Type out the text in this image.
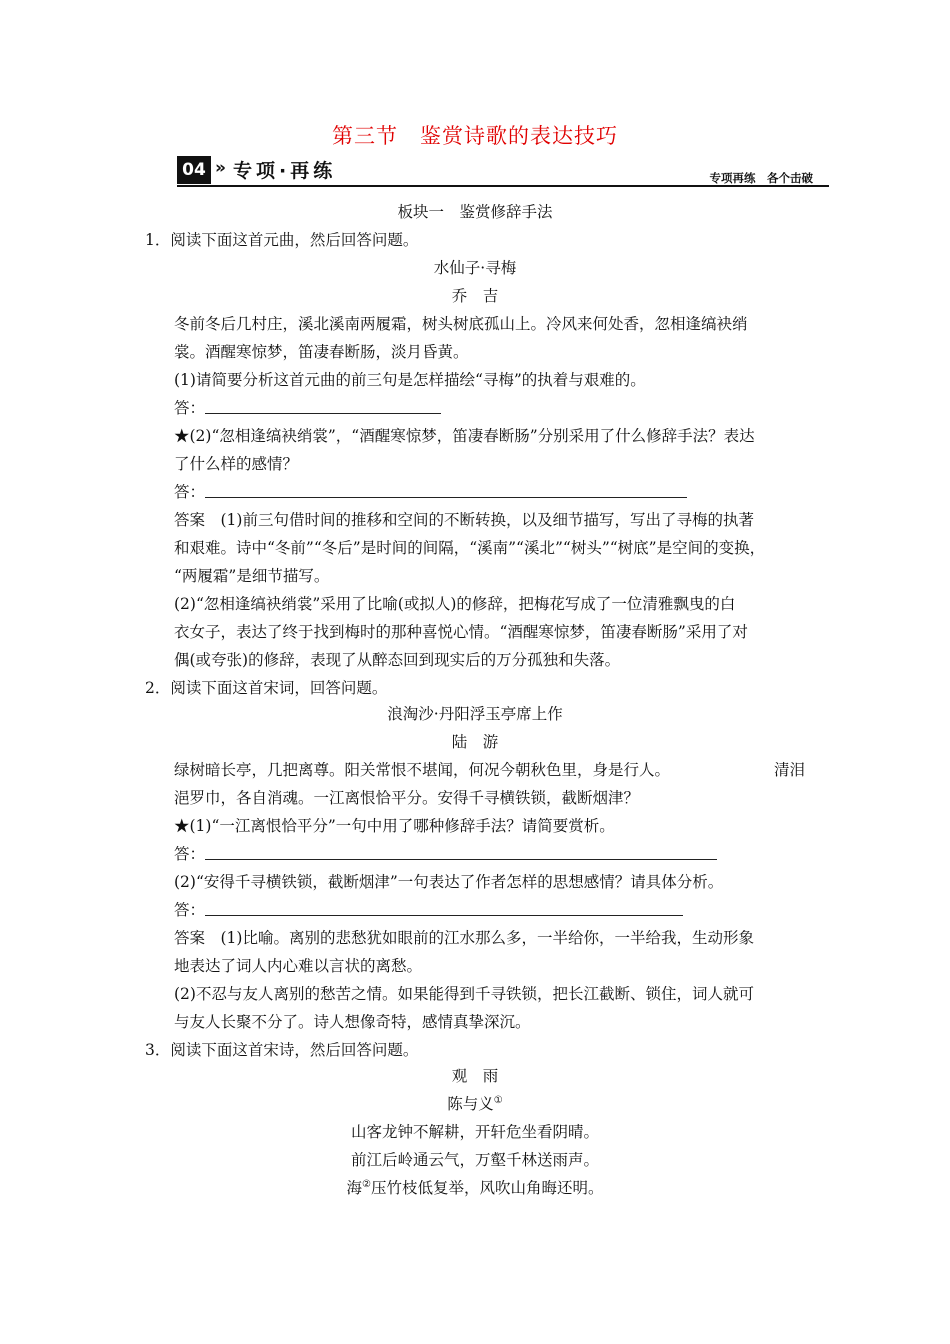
第三节　鉴赏诗歌的表达技巧
04 » 专项·再练	专项再练　各个击破
板块一　鉴赏修辞手法
1．阅读下面这首元曲，然后回答问题。
水仙子·寻梅
乔　吉
冬前冬后几村庄，溪北溪南两履霜，树头树底孤山上。冷风来何处香，忽相逢缟袂绡
裳。酒醒寒惊梦，笛凄春断肠，淡月昏黄。
(1)请简要分析这首元曲的前三句是怎样描绘“寻梅”的执着与艰难的。
答：
★(2)“忽相逢缟袂绡裳”，“酒醒寒惊梦，笛凄春断肠”分别采用了什么修辞手法？表达
了什么样的感情？
答：
答案　(1)前三句借时间的推移和空间的不断转换，以及细节描写，写出了寻梅的执著
和艰难。诗中“冬前”“冬后”是时间的间隔，“溪南”“溪北”“树头”“树底”是空间的变换，
“两履霜”是细节描写。
(2)“忽相逢缟袂绡裳”采用了比喻(或拟人)的修辞，把梅花写成了一位清雅飘曳的白
衣女子，表达了终于找到梅时的那种喜悦心情。“酒醒寒惊梦，笛凄春断肠”采用了对
偶(或夸张)的修辞，表现了从醉态回到现实后的万分孤独和失落。
2．阅读下面这首宋词，回答问题。
浪淘沙·丹阳浮玉亭席上作
陆　游
绿树暗长亭，几把离尊。阳关常恨不堪闻，何况今朝秋色里，身是行人。	清泪
浥罗巾，各自消魂。一江离恨恰平分。安得千寻横铁锁，截断烟津？
★(1)“一江离恨恰平分”一句中用了哪种修辞手法？请简要赏析。
答：
(2)“安得千寻横铁锁，截断烟津”一句表达了作者怎样的思想感情？请具体分析。
答：
答案　(1)比喻。离别的悲愁犹如眼前的江水那么多，一半给你，一半给我，生动形象
地表达了词人内心难以言状的离愁。
(2)不忍与友人离别的愁苦之情。如果能得到千寻铁锁，把长江截断、锁住，词人就可
与友人长聚不分了。诗人想像奇特，感情真挚深沉。
3．阅读下面这首宋诗，然后回答问题。
观　雨
陈与义①
山客龙钟不解耕，开轩危坐看阴晴。
前江后岭通云气，万壑千林送雨声。
海②压竹枝低复举，风吹山角晦还明。
